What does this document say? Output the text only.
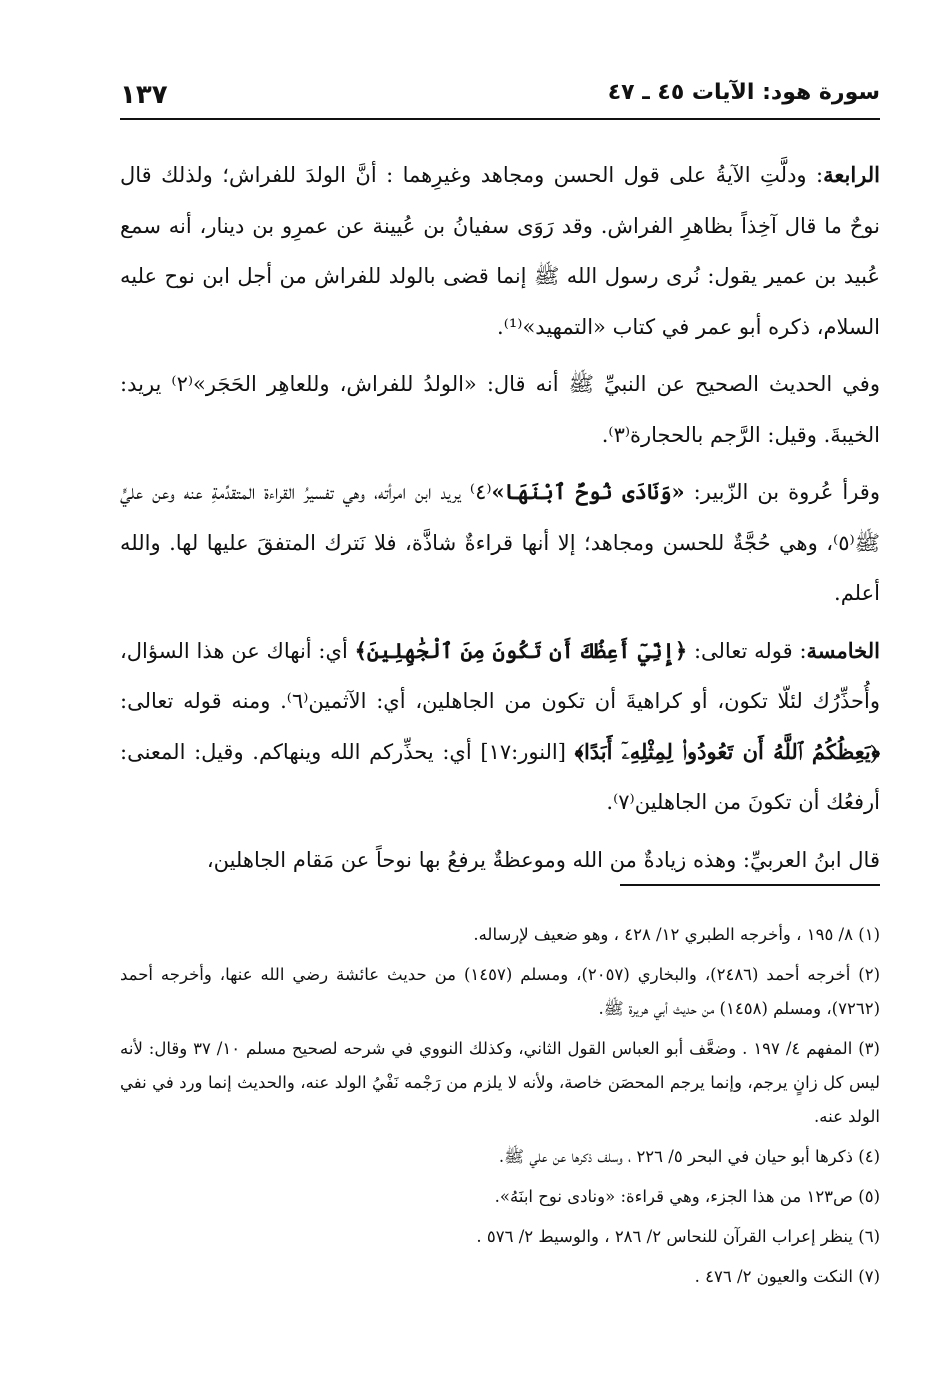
سورة هود: الآيات ٤٥ ـ ٤٧
١٣٧

الرابعة: ودلَّتِ الآيةُ على قول الحسن ومجاهد وغيرِهما : أنَّ الولدَ للفراش؛ ولذلك قال نوحٌ ما قال آخِذاً بظاهرِ الفراش. وقد رَوَى سفيانُ بن عُيينة عن عمرِو بن دينار، أنه سمع عُبيد بن عمير يقول: نُرى رسول الله ﷺ إنما قضى بالولد للفراش من أجل ابن نوح عليه السلام، ذكره أبو عمر في كتاب «التمهيد»⁽¹⁾.

وفي الحديث الصحيح عن النبيِّ ﷺ أنه قال: «الولدُ للفراش، وللعاهِر الحَجَر»⁽٢⁾ يريد: الخيبةَ. وقيل: الرَّجم بالحجارة⁽٣⁾.

وقرأ عُروة بن الزّبير: «وَنَادَى نُوحٌ ٱبْنَهَا»⁽٤⁾ يريد ابن امرأته، وهي تفسيرُ القراءة المتقدِّمةِ عنه وعن عليٍّ ﷺ⁽٥⁾، وهي حُجَّةٌ للحسن ومجاهد؛ إلا أنها قراءةٌ شاذَّة، فلا نَترك المتفقَ عليها لها. والله أعلم.

الخامسة: قوله تعالى: ﴿إِنِّيٓ أَعِظُكَ أَن تَكُونَ مِنَ ٱلْجَٰهِلِينَ﴾ أي: أنهاك عن هذا السؤال، وأُحذِّرُك لئلّا تكون، أو كراهيةَ أن تكون من الجاهلين، أي: الآثمين⁽٦⁾. ومنه قوله تعالى: ﴿يَعِظُكُمُ ٱللَّهُ أَن تَعُودُوا۟ لِمِثْلِهِۦٓ أَبَدًا﴾ [النور:١٧] أي: يحذِّركم الله وينهاكم. وقيل: المعنى: أرفعُك أن تكونَ من الجاهلين⁽٧⁾.

قال ابنُ العربيِّ: وهذه زيادةٌ من الله وموعظةٌ يرفعُ بها نوحاً عن مَقام الجاهلين،

(١) ٨/ ١٩٥ ، وأخرجه الطبري ١٢/ ٤٢٨ ، وهو ضعيف لإرساله.
(٢) أخرجه أحمد (٢٤٨٦)، والبخاري (٢٠٥٧)، ومسلم (١٤٥٧) من حديث عائشة رضي الله عنها، وأخرجه أحمد (٧٢٦٢)، ومسلم (١٤٥٨) من حديث أبي هريرة ﷺ.
(٣) المفهم ٤/ ١٩٧ . وضعَّف أبو العباس القول الثاني، وكذلك النووي في شرحه لصحيح مسلم ١٠/ ٣٧ وقال: لأنه ليس كل زانٍ يرجم، وإنما يرجم المحصَن خاصة، ولأنه لا يلزم من رَجْمه نَفْيُ الولد عنه، والحديث إنما ورد في نفي الولد عنه.
(٤) ذكرها أبو حيان في البحر ٥/ ٢٢٦ ، وسلف ذكرها عن علي ﷺ.
(٥) ص١٢٣ من هذا الجزء، وهي قراءة: «ونادى نوح ابنَهُ».
(٦) ينظر إعراب القرآن للنحاس ٢/ ٢٨٦ ، والوسيط ٢/ ٥٧٦ .
(٧) النكت والعيون ٢/ ٤٧٦ .
